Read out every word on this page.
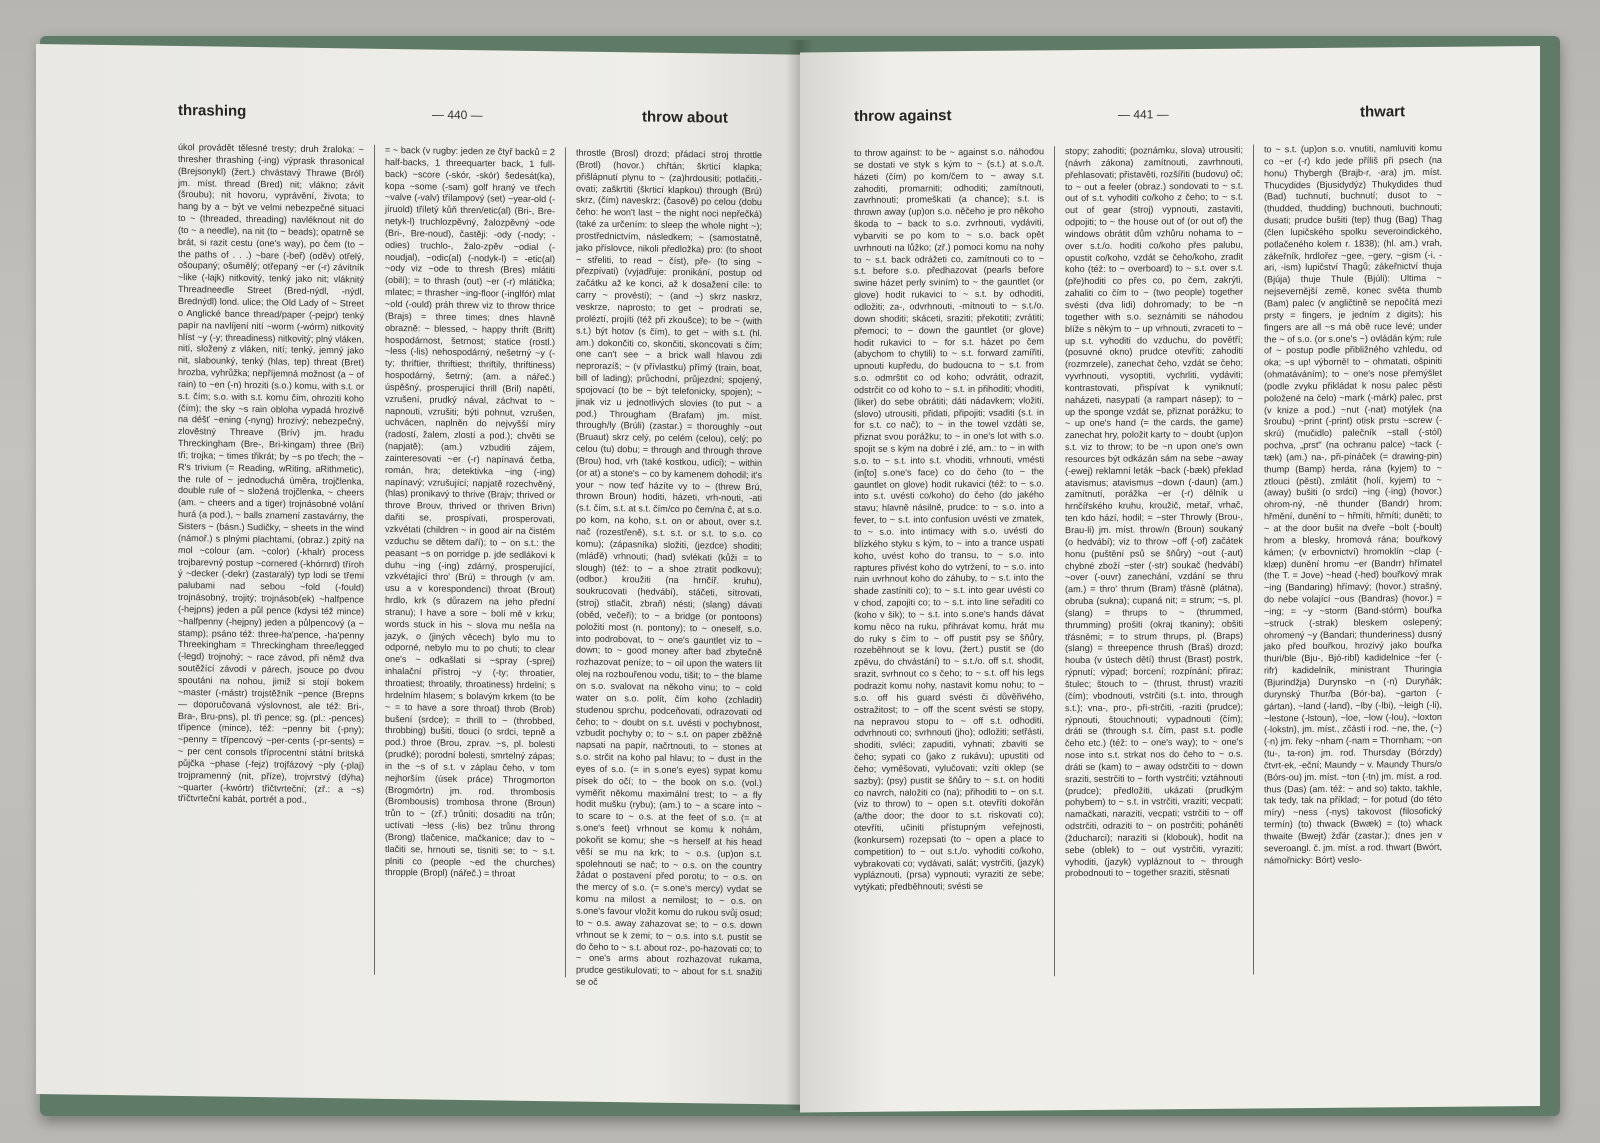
thrashing	— 440 —	throw about

úkol provádět tělesné tresty; druh žraloka: ~ thresher thrashing (-ing) výprask thrasonical (Brejsonykl) (žert.) chvástavý Thrawe (Bról) jm. míst. thread (Bred) nit; vlákno; závit (šroubu); nit hovoru, vyprávění, života; to hang by a ~ být ve velmi nebezpečné situaci to ~ (threaded, threading) navléknout nit do (to ~ a needle), na nit (to ~ beads); opatrně se brát, si razit cestu (one's way), po čem (to ~ the paths of . . .) ~bare (-beř) (oděv) otřelý, ošoupaný; ošumělý; otřepaný ~er (-r) závitník ~like (-lajk) nitkovitý, tenký jako nit; vláknitý Threadneedle Street (Bred-nýdl, -nýdl, Brednýdl) lond. ulice; the Old Lady of ~ Street o Anglické bance thread/paper (-pejpr) tenký papír na navlíjení nití ~worm (-wórm) nitkovitý hlíst ~y (-y; threadiness) nitkovitý; plný vláken, nití, složený z vláken, nití; tenký, jemný jako nit, slabounký, tenký (hlas, tep) threat (Bret) hrozba, vyhrůžka; nepříjemná možnost (a ~ of rain) to ~en (-n) hroziti (s.o.) komu, with s.t. or s.t. čím; s.o. with s.t. komu čím, ohroziti koho (čím); the sky ~s rain obloha vypadá hrozivě na déšť ~ening (-nyng) hrozivý; nebezpečný, zlověstný Threave (Brív) jm. hradu Threckingham (Bre-, Bri-kingam) three (Bri) tři; trojka; ~ times třikrát; by ~s po třech; the ~ R's trivium (= Reading, wRiting, aRithmetic), the rule of ~ jednoduchá úměra, trojčlenka, double rule of ~ složená trojčlenka, ~ cheers (am. ~ cheers and a tiger) trojnásobné volání hurá (a pod.), ~ balls znamení zastavárny, the Sisters ~ (básn.) Sudičky, ~ sheets in the wind (námoř.) s plnými plachtami, (obraz.) zpitý na mol ~colour (am. ~color) (-khalr) process trojbarevný postup ~cornered (-khórnrd) tříroh ý ~decker (-dekr) (zastaralý) typ lodi se třemi palubami nad sebou ~fold (-fould) trojnásobný, trojitý; trojnásob(ek) ~halfpence (-hejpns) jeden a půl pence (kdysi též mince) ~halfpenny (-hejpny) jeden a půlpencový (a ~ stamp); psáno též: three-ha'pence, -ha'penny Threekingham = Threckingham three/legged (-legd) trojnohý; ~ race závod, při němž dva soutěžící závodí v párech, jsouce po dvou spoutáni na nohou, jimiž si stojí bokem ~master (-mástr) trojstěžník ~pence (Brepns — doporučovaná výslovnost, ale též: Bri-, Bra-, Bru-pns), pl. tři pence; sg. (pl.: -pences) třípence (mince), též: ~penny bit (-pny); ~penny = třípencový ~per-cents (-pr-sents) = ~ per cent consols tříprocentní státní britská půjčka ~phase (-fejz) trojfázový ~ply (-plaj) trojpramenný (nit, příze), trojvrstvý (dýha) ~quarter (-kwórtr) třičtvrteční; (zř.: a ~s) tříčtvrteční kabát, portrét a pod.,

= ~ back (v rugby: jeden ze čtyř backů = 2 half-backs, 1 threequarter back, 1 full-back) ~score (-skór, -skór) šedesát(ka), kopa ~some (-sam) golf hraný ve třech ~valve (-valv) třílampový (set) ~year-old (-jíruold) tříletý kůň thren/etic(al) (Bri-, Bre-netyk-l) truchlozpěvný, žalozpěvný ~ode (Bri-, Bre-noud), častěji: -ody (-nody; -odies) truchlo-, žalo-zpěv ~odial (-noudjal), ~odic(al) (-nodyk-l) = -etic(al) ~ody viz ~ode to thresh (Bres) mlátiti (obilí); = to thrash (out) ~er (-r) mlátička; mlatec; = thrasher ~ing-floor (-inglfór) mlat ~old (-ould) práh threw viz to throw thrice (Brajs) = three times; dnes hlavně obrazně: ~ blessed, ~ happy thrift (Brift) hospodárnost, šetrnost; statice (rostl.) ~less (-lis) nehospodárný, nešetrný ~y (-ty; thriftier, thriftiest; thriftily, thriftiness) hospodárný, šetrný; (am. a nářeč.) úspěšný, prosperující thrill (Bril) napětí, vzrušení, prudký nával, záchvat to ~ napnouti, vzrušiti; býti pohnut, vzrušen, uchvácen, naplněn do nejvyšší míry (radostí, žalem, zlostí a pod.); chvěti se (napjatě); (am.) vzbuditi zájem, zainteresovati ~er (-r) napínavá četba, román, hra; detektivka ~ing (-ing) napínavý; vzrušující; napjatě rozechvěný, (hlas) pronikavý to thrive (Brajv; thrived or throve Brouv, thrived or thriven Brivn) dařiti se, prospívati, prosperovati, vzkvétati (children ~ in good air na čistém vzduchu se dětem daří); to ~ on s.t.: the peasant ~s on porridge p. jde sedlákovi k duhu ~ing (-ing) zdárný, prosperující, vzkvétající thro' (Brú) = through (v am. usu a v korespondenci) throat (Brout) hrdlo, krk (s důrazem na jeho přední stranu); I have a sore ~ bolí mě v krku; words stuck in his ~ slova mu nešla na jazyk, o (jiných věcech) bylo mu to odporné, nebylo mu to po chuti; to clear one's ~ odkašlati si ~spray (-sprej) inhalační přístroj ~y (-ty; throatier, throatiest; throatily, throatiness) hrdelní; s hrdelním hlasem; s bolavým krkem (to be ~ = to have a sore throat) throb (Brob) bušení (srdce); = thrill to ~ (throbbed, throbbing) bušiti, tlouci (o srdci, tepně a pod.) throe (Brou, zprav. ~s, pl. bolesti (prudké); porodní bolesti, smrtelný zápas; in the ~s of s.t. v záplau čeho, v tom nejhorším (úsek práce) Throgmorton (Brogmórtn) jm. rod. thrombosis (Brombousis) trombosa throne (Broun) trůn to ~ (zř.) trůniti; dosaditi na trůn; uctívati ~less (-lis) bez trůnu throng (Brong) tlačenice, mačkanice; dav to ~ tlačiti se, hrnouti se, tisniti se; to ~ s.t. plniti co (people ~ed the churches) thropple (Bropl) (nářeč.) = throat

throstle (Brosl) drozd; přádací stroj throttle (Brotl) (hovor.) chřtán; škrticí klapka; přišlápnutí plynu to ~ (za)hrdousiti; potlačiti,-ovati; zaškrtiti (škrticí klapkou) through (Brú) skrz, (čím) naveskrz; (časově) po celou (dobu čeho: he won't last ~ the night noci nepřečká) (také za určením: to sleep the whole night ~); prostřednictvím, následkem; ~ (samostatně, jako příslovce, nikoli předložka) pro: (to shoot ~ střeliti, to read ~ číst), pře- (to sing ~ přezpívati) (vyjadřuje: pronikání, postup od začátku až ke konci, až k dosažení cíle: to carry ~ provésti); ~ (and ~) skrz naskrz, veskrze, naprosto; to get ~ prodrati se, proléztí, projíti (též při zkoušce); to be ~ (with s.t.) být hotov (s čím), to get ~ with s.t. (hl. am.) dokončiti co, skončiti, skoncovati s čím; one can't see ~ a brick wall hlavou zdi neprorazíš; ~ (v přívlastku) přímý (train, boat, bill of lading); průchodní, průjezdní; spojený, spojovací (to be ~ být telefonicky, spojen); ~ jinak viz u jednotlivých slovies (to put ~ a pod.) Througham (Brafam) jm. míst. through/ly (Brúli) (zastar.) = thoroughly ~out (Bruaut) skrz celý, po celém (celou), celý; po celou (tu) dobu; = through and through throve (Brou) hod, vrh (také kostkou, udici); ~ within (or at) a stone's ~ co by kamenem dohodil; it's your ~ now teď házíte vy to ~ (threw Brú, thrown Broun) hoditi, házeti, vrh-nouti, -ati (s.t. čím, s.t. at s.t. čím/co po čem/na č, at s.o. po kom, na koho, s.t. on or about, over s.t. nač (rozestřeně), s.t. s.t. or s.t. to s.o. co komu); (zápasníka) složiti, (jezdce) shoditi; (mláďě) vrhnouti; (had) svlékati (kůži = to slough) (též: to ~ a shoe ztratit podkovu); (odbor.) kroužiti (na hrnčíř. kruhu), soukrucovati (hedvábí), stáčeti, sítrovati, (stroj) stlačit, zbraň) nésti; (slang) dávati (oběd, večeři); to ~ a bridge (or pontoons) položiti most (n. pontony); to ~ oneself, s.o. into podrobovat, to ~ one's gauntlet viz to ~ down; to ~ good money after bad zbytečně rozhazovat peníze; to ~ oil upon the waters lít olej na rozbouřenou vodu, tišit; to ~ the blame on s.o. svalovat na někoho vinu; to ~ cold water on s.o. polít, čím koho (zchladit) studenou sprchu, podceňovati, odrazovati od čeho; to ~ doubt on s.t. uvésti v pochybnost, vzbudit pochyby o; to ~ s.t. on paper zběžně napsati na papír, načrtnouti, to ~ stones at s.o. strčit na koho pal hlavu; to ~ dust in the eyes of s.o. (= in s.one's eyes) sypat komu písek do očí; to ~ the book on s.o. (vol.) vyměřit někomu maximální trest; to ~ a fly hodit mušku (rybu); (am.) to ~ a scare into ~ to scare to ~ o.s. at the feet of s.o. (= at s.one's feet) vrhnout se komu k nohám, pokořit se komu; she ~s herself at his head věší se mu na krk; to ~ o.s. (up)on s.t. spolehnouti se nač; to ~ o.s. on the country žádat o postavení před porotu; to ~ o.s. on the mercy of s.o. (= s.one's mercy) vydat se komu na milost a nemilost; to ~ o.s. on s.one's favour vložit komu do rukou svůj osud; to ~ o.s. away zahazovat se; to ~ o.s. down vrhnout se k zemi; to ~ o.s. into s.t. pustit se do čeho to ~ s.t. about roz-, po-hazovati co; to ~ one's arms about rozhazovat rukama, prudce gestikulovati; to ~ about for s.t. snažiti se oč

throw against	— 441 —	thwart

to throw against: to be ~ against s.o. náhodou se dostati ve styk s kým to ~ (s.t.) at s.o./t. házeti (čím) po kom/čem to ~ away s.t. zahoditi, promarniti; odhoditi; zamítnouti, zavrhnouti; promeškati (a chance); s.t. is thrown away (up)on s.o. něčeho je pro někoho škoda to ~ back to s.o. zvrhnouti, vydáviti, vybarviti se po kom to ~ s.o. back opět uvrhnouti na lůžko; (zř.) pomoci komu na nohy to ~ s.t. back odrážeti co, zamítnouti co to ~ s.t. before s.o. předhazovat (pearls before swine házet perly sviním) to ~ the gauntlet (or glove) hodit rukavici to ~ s.t. by odhoditi, odložiti; za-, odvrhnouti, -mítnouti to ~ s.t./o. down shoditi; skáceti, sraziti; překotiti; zvrátiti; přemoci; to ~ down the gauntlet (or glove) hodit rukavici to ~ for s.t. házet po čem (abychom to chytili) to ~ s.t. forward zamířiti, upnouti kupředu, do budoucna to ~ s.t. from s.o. odmrštit co od koho; odvrátit, odrazit, odstrčit co od koho to ~ s.t. in přihoditi; vhoditi, (liker) do sebe obrátiti; dáti nádavkem; vložiti, (slovo) utrousiti, přidati, připojiti; vsaditi (s.t. in for s.t. co nač); to ~ in the towel vzdáti se, přiznat svou porážku; to ~ in one's lot with s.o. spojit se s kým na dobré i zlé, am.: to ~ in with s.o. to ~ s.t. into s.t. vhoditi, vrhnouti, vmésti (in[to] s.one's face) co do čeho (to ~ the gauntlet on glove) hodit rukavici (též: to ~ s.o. into s.t. uvésti co/koho) do čeho (do jakého stavu; hlavně násilně, prudce: to ~ s.o. into a fever, to ~ s.t. into confusion uvésti ve zmatek, to ~ s.o. into intimacy with s.o. uvésti do blízkého styku s kým, to ~ into a trance uspati koho, uvést koho do transu, to ~ s.o. into raptures přivést koho do vytržení, to ~ s.o. into ruin uvrhnout koho do záhuby, to ~ s.t. into the shade zastíniti co); to ~ s.t. into gear uvésti co v chod, zapojiti co; to ~ s.t. into line seřaditi co (koho v šik); to ~ s.t. into s.one's hands dávat komu něco na ruku, přihrávat komu, hrát mu do ruky s čím to ~ off pustit psy se šňůry, rozeběhnout se k lovu, (žert.) pustit se (do zpěvu, do chvástání) to ~ s.t./o. off s.t. shodit, srazit, svrhnout co s čeho; to ~ s.t. off his legs podrazit komu nohy, nastavit komu nohu; to ~ s.o. off his guard svésti či důvěřivého, ostražitost; to ~ off the scent svésti se stopy, na nepravou stopu to ~ off s.t. odhoditi, odvrhnouti co; svrhnouti (jho); odložiti; setřásti, shoditi, svléci; zapuditi, vyhnati; zbaviti se čeho; sypati co (jako z rukávu); upustiti od čeho; vyměšovati, vylučovati; vzíti oklep (se sazby); (psy) pustit se šňůry to ~ s.t. on hoditi co navrch, naložiti co (na); přihoditi to ~ on s.t. (viz to throw) to ~ open s.t. otevříti dokořán (a/the door; the door to s.t. riskovati co); otevříti, učiniti přístupným veřejnosti, (konkursem) rozepsati (to ~ open a place to competition) to ~ out s.t./o. vyhoditi co/koho, vybrakovati co; vydávati, salát; vystrčiti, (jazyk) vypláznouti, (prsa) vypnouti; vyraziti ze sebe; vytýkati; předběhnouti; svésti se

stopy; zahoditi; (poznámku, slova) utrousiti; (návrh zákona) zamítnouti, zavrhnouti, přehlasovati; přistavěti, rozšířiti (budovu) oč; to ~ out a feeler (obraz.) sondovati to ~ s.t. out of s.t. vyhoditi co/koho z čeho; to ~ s.t. out of gear (stroj) vypnouti, zastaviti, odpojiti; to ~ the house out of (or out of) the windows obrátit dům vzhůru nohama to ~ over s.t./o. hoditi co/koho přes palubu, opustit co/koho, vzdát se čeho/koho, zradit koho (též: to ~ overboard) to ~ s.t. over s.t. (pře)hoditi co přes co, po čem, zakrýti, zahaliti co čím to ~ (two people) together svésti (dva lidi) dohromady; to be ~n together with s.o. seznámiti se náhodou blíže s někým to ~ up vrhnouti, zvraceti to ~ up s.t. vyhoditi do vzduchu, do povětří; (posuvné okno) prudce otevříti; zahoditi (rozmrzele), zanechat čeho, vzdát se čeho; vyvrhnouti, vysoptiti, vychrliti, vydáviti; kontrastovati, přispívat k vyniknutí; naházeti, nasypati (a rampart násep); to ~ up the sponge vzdát se, přiznat porážku; to ~ up one's hand (= the cards, the game) zanechat hry, položit karty to ~ doubt (up)on s.t. viz to throw; to be ~n upon one's own resources být odkázán sám na sebe ~away (-ewej) reklamní leták ~back (-bæk) překlad atavismus; atavismus ~down (-daun) (am.) zamítnutí, porážka ~er (-r) dělník u hrnčířského kruhu, kroužič, metař, vrhač, ten kdo hází, hodil; = ~ster Throwly (Brou-, Brau-li) jm. míst. throw/n (Broun) soukaný (o hedvábí); viz to throw ~off (-of) začátek honu (puštění psů se šňůry) ~out (-aut) chybné zboží ~ster (-str) soukač (hedvábí) ~over (-ouvr) zanechání, vzdání se thru (am.) = thro' thrum (Bram) třásně (plátna), obruba (sukna); cupaná nit; = strum; ~s, pl. (slang) = thrups to ~ (thrummed, thrumming) prošiti (okraj tkaniny); obšiti třásněmi; = to strum thrups, pl. (Braps) (slang) = threepence thrush (Braš) drozd; houba (v ústech dětí) thrust (Brast) postrk, rýpnutí; výpad; borcení; rozpínání; přiraz; štulec; štouch to ~ (thrust, thrust) vraziti (čím); vbodnouti, vstrčiti (s.t. into, through s.t.); vna-, pro-, při-strčiti, -raziti (prudce); rýpnouti, štouchnouti; vypadnouti (čím); dráti se (through s.t. čím, past s.t. podle čeho etc.) (též: to ~ one's way); to ~ one's nose into s.t. strkat nos do čeho to ~ o.s. dráti se (kam) to ~ away odstrčiti to ~ down sraziti, sestrčiti to ~ forth vystrčiti; vztáhnouti (prudce); předložiti, ukázati (prudkým pohybem) to ~ s.t. in vstrčiti, vraziti; vecpati; namačkati, naraziti, vecpati; vstrčiti to ~ off odstrčiti, odraziti to ~ on postrčiti; poháněti (žducharci); naraziti si (klobouk), hodit na sebe (oblek) to ~ out vystrčiti, vyraziti; vyhoditi, (jazyk) vypláznout to ~ through probodnouti to ~ together sraziti, stěsnati

to ~ s.t. (up)on s.o. vnutiti, namluviti komu co ~er (-r) kdo jede příliš při psech (na honu) Thybergh (Brajb-r, -ara) jm. míst. Thucydides (Bjusidydýz) Thukydides thud (Bad) tuchnutí, buchnutí; dusot to ~ (thudded, thudding) buchnouti, buchnouti; dusati; prudce bušiti (tep) thug (Bag) Thag (člen lupičského spolku severoindického, potlačeného kolem r. 1838); (hl. am.) vrah, zákeřník, hrdlořez ~gee, ~gery, ~gism (-i, -ari, -ism) lupičství Thagů; zákeřnictví thuja (Bjúja) thuje Thule (Bjúli): Ultima ~ nejsevernější země, konec světa thumb (Bam) palec (v angličtině se nepočítá mezi prsty = fingers, je jedním z digits); his fingers are all ~s má obě ruce levé; under the ~ of s.o. (or s.one's ~) ovládán kým; rule of ~ postup podle přibližného vzhledu, od oka; ~s up! výborně! to ~ ohmatati, ošpiniti (ohmatáváním); to ~ one's nose přemýšlet (podle zvyku přikládat k nosu palec pěsti položené na čelo) ~mark (-márk) palec, prst (v knize a pod.) ~nut (-nat) motýlek (na šroubu) ~print (-print) otisk prstu ~screw (-skrú) (mučidlo) palečník ~stall (-stól) pochva, „prst" (na ochranu palce) ~tack (-tæk) (am.) na-, při-pínáček (= drawing-pin) thump (Bamp) herda, rána (kyjem) to ~ ztlouci (pěstí), zmlátit (holí, kyjem) to ~ (away) bušiti (o srdci) ~ing (-ing) (hovor.) ohrom-ný, -ně thunder (Bandr) hrom; hřmění, dunění to ~ hřmíti, hřmíti; duněti; to ~ at the door bušit na dveře ~bolt (-boult) hrom a blesky, hromová rána; bouřkový kámen; (v erbovnictví) hromoklín ~clap (-klæp) dunění hromu ~er (Bandrr) hřímatel (the T. = Jove) ~head (-hed) bouřkový mrak ~ing (Bandaring) hřímavý; (hovor.) strašný, do nebe volající ~ous (Bandras) (hovor.) = ~ing; = ~y ~storm (Band-stórm) bouřka ~struck (-strak) bleskem oslepený; ohromený ~y (Bandari; thunderiness) dusný jako před bouřkou, hrozivý jako bouřka thuri/ble (Bju-, Bjó-ribl) kadidelnice ~fer (-rifr) kadidelník, ministrant Thuringia (Bjurindžja) Durynsko ~n (-n) Duryňák; durynský Thur/ba (Bór-ba), ~garton (-gártan), ~land (-land), ~lby (-lbi), ~leigh (-li), ~lestone (-lstoun), ~loe, ~low (-lou), ~loxton (-lokstn), jm. míst., zčásti i rod. ~ne, the, (~) (-n) jm. řeky ~nham (-nam = Thornham; ~on (tu-, ta-ron) jm. rod. Thursday (Bórzdy) čtvrt-ek, -eční; Maundy ~ v. Maundy Thurs/o (Bórs-ou) jm. míst. ~ton (-tn) jm. míst. a rod. thus (Das) (am. též: ~ and so) takto, takhle, tak tedy, tak na příklad; ~ for potud (do této míry) ~ness (-nys) takovost (filosofický termín) (to) thwack (Bwæk) = (to) whack thwaite (Bwejt) žďár (zastar.); dnes jen v severoangl. č. jm. míst. a rod. thwart (Bwórt, námořnicky: Bórt) veslo-
